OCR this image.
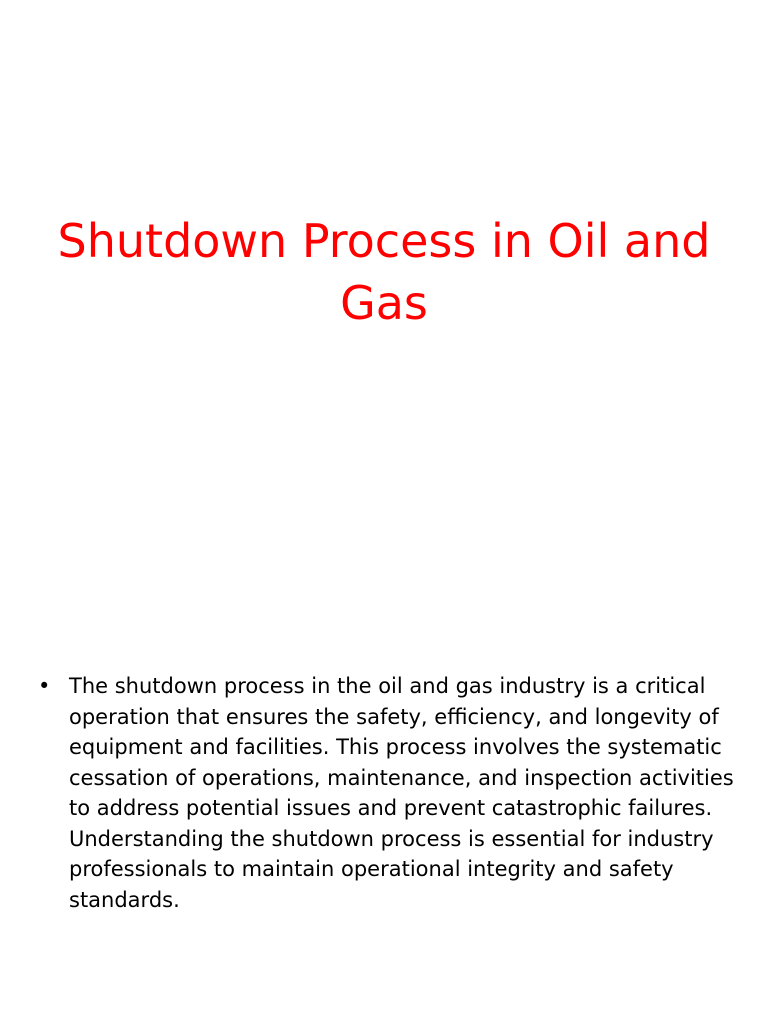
Shutdown Process in Oil and Gas
• The shutdown process in the oil and gas industry is a critical operation that ensures the safety, efficiency, and longevity of equipment and facilities. This process involves the systematic cessation of operations, maintenance, and inspection activities to address potential issues and prevent catastrophic failures. Understanding the shutdown process is essential for industry professionals to maintain operational integrity and safety standards.
